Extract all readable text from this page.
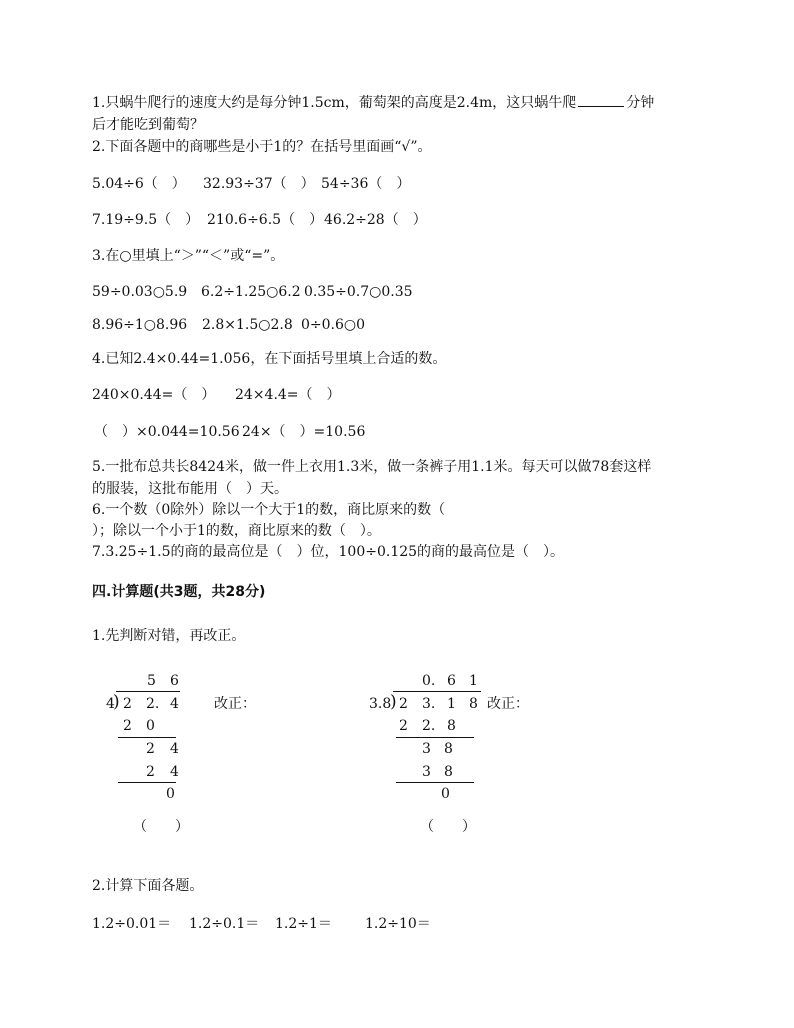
1.只蜗牛爬行的速度大约是每分钟1.5cm，葡萄架的高度是2.4m，这只蜗牛爬	分钟
后才能吃到葡萄？
2.下面各题中的商哪些是小于1的？在括号里面画“√”。
5.04÷6（　） 32.93÷37（　） 54÷36（　）
7.19÷9.5（　） 210.6÷6.5（　） 46.2÷28（　）
3.在○里填上“＞”“＜”或“=”。
59÷0.03○5.9 6.2÷1.25○6.2 0.35÷0.7○0.35
8.96÷1○8.96 2.8×1.5○2.8 0÷0.6○0
4.已知2.4×0.44=1.056，在下面括号里填上合适的数。
240×0.44=（　） 24×4.4=（　）
（　）×0.044=10.56 24×（　）=10.56
5.一批布总共长8424米，做一件上衣用1.3米，做一条裤子用1.1米。每天可以做78套这样
的服装，这批布能用（　）天。
6.一个数（0除外）除以一个大于1的数，商比原来的数（
）；除以一个小于1的数，商比原来的数（　）。
7.3.25÷1.5的商的最高位是（　）位，100÷0.125的商的最高位是（　）。
四.计算题(共3题，共28分)
1.先判断对错，再改正。
5 6
4
) 2 2. 4
2 0
2 4
2 4
0
改正：
（　　）
0. 6 1
3.8
) 2 3. 1 8
2 2. 8
3 8
3 8
0
改正：
（　　）
2.计算下面各题。
1.2÷0.01＝ 1.2÷0.1＝ 1.2÷1＝ 1.2÷10＝
